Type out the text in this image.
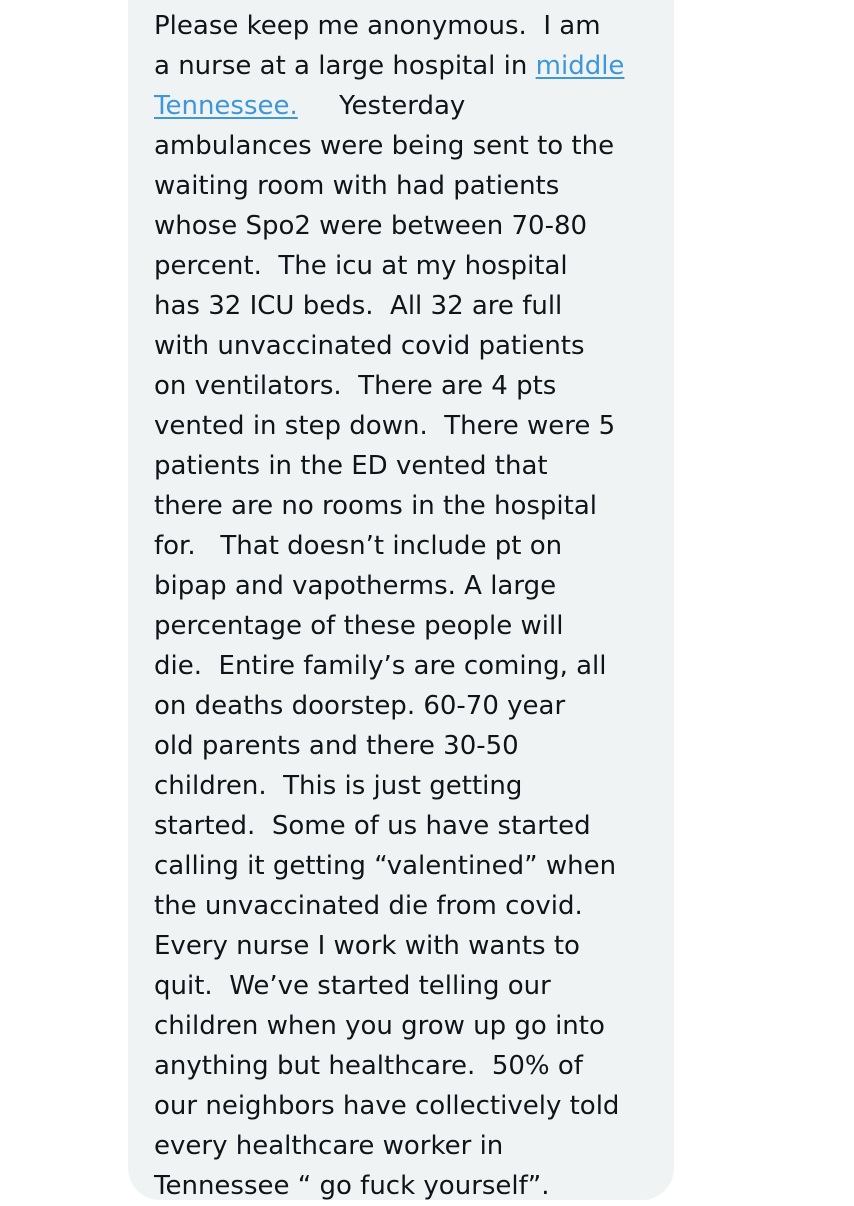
Please keep me anonymous.  I am
a nurse at a large hospital in middle
Tennessee.     Yesterday
ambulances were being sent to the
waiting room with had patients
whose Spo2 were between 70-80
percent.  The icu at my hospital
has 32 ICU beds.  All 32 are full
with unvaccinated covid patients
on ventilators.  There are 4 pts
vented in step down.  There were 5
patients in the ED vented that
there are no rooms in the hospital
for.   That doesn’t include pt on
bipap and vapotherms. A large
percentage of these people will
die.  Entire family’s are coming, all
on deaths doorstep. 60-70 year
old parents and there 30-50
children.  This is just getting
started.  Some of us have started
calling it getting “valentined” when
the unvaccinated die from covid.
Every nurse I work with wants to
quit.  We’ve started telling our
children when you grow up go into
anything but healthcare.  50% of
our neighbors have collectively told
every healthcare worker in
Tennessee “ go fuck yourself”.
